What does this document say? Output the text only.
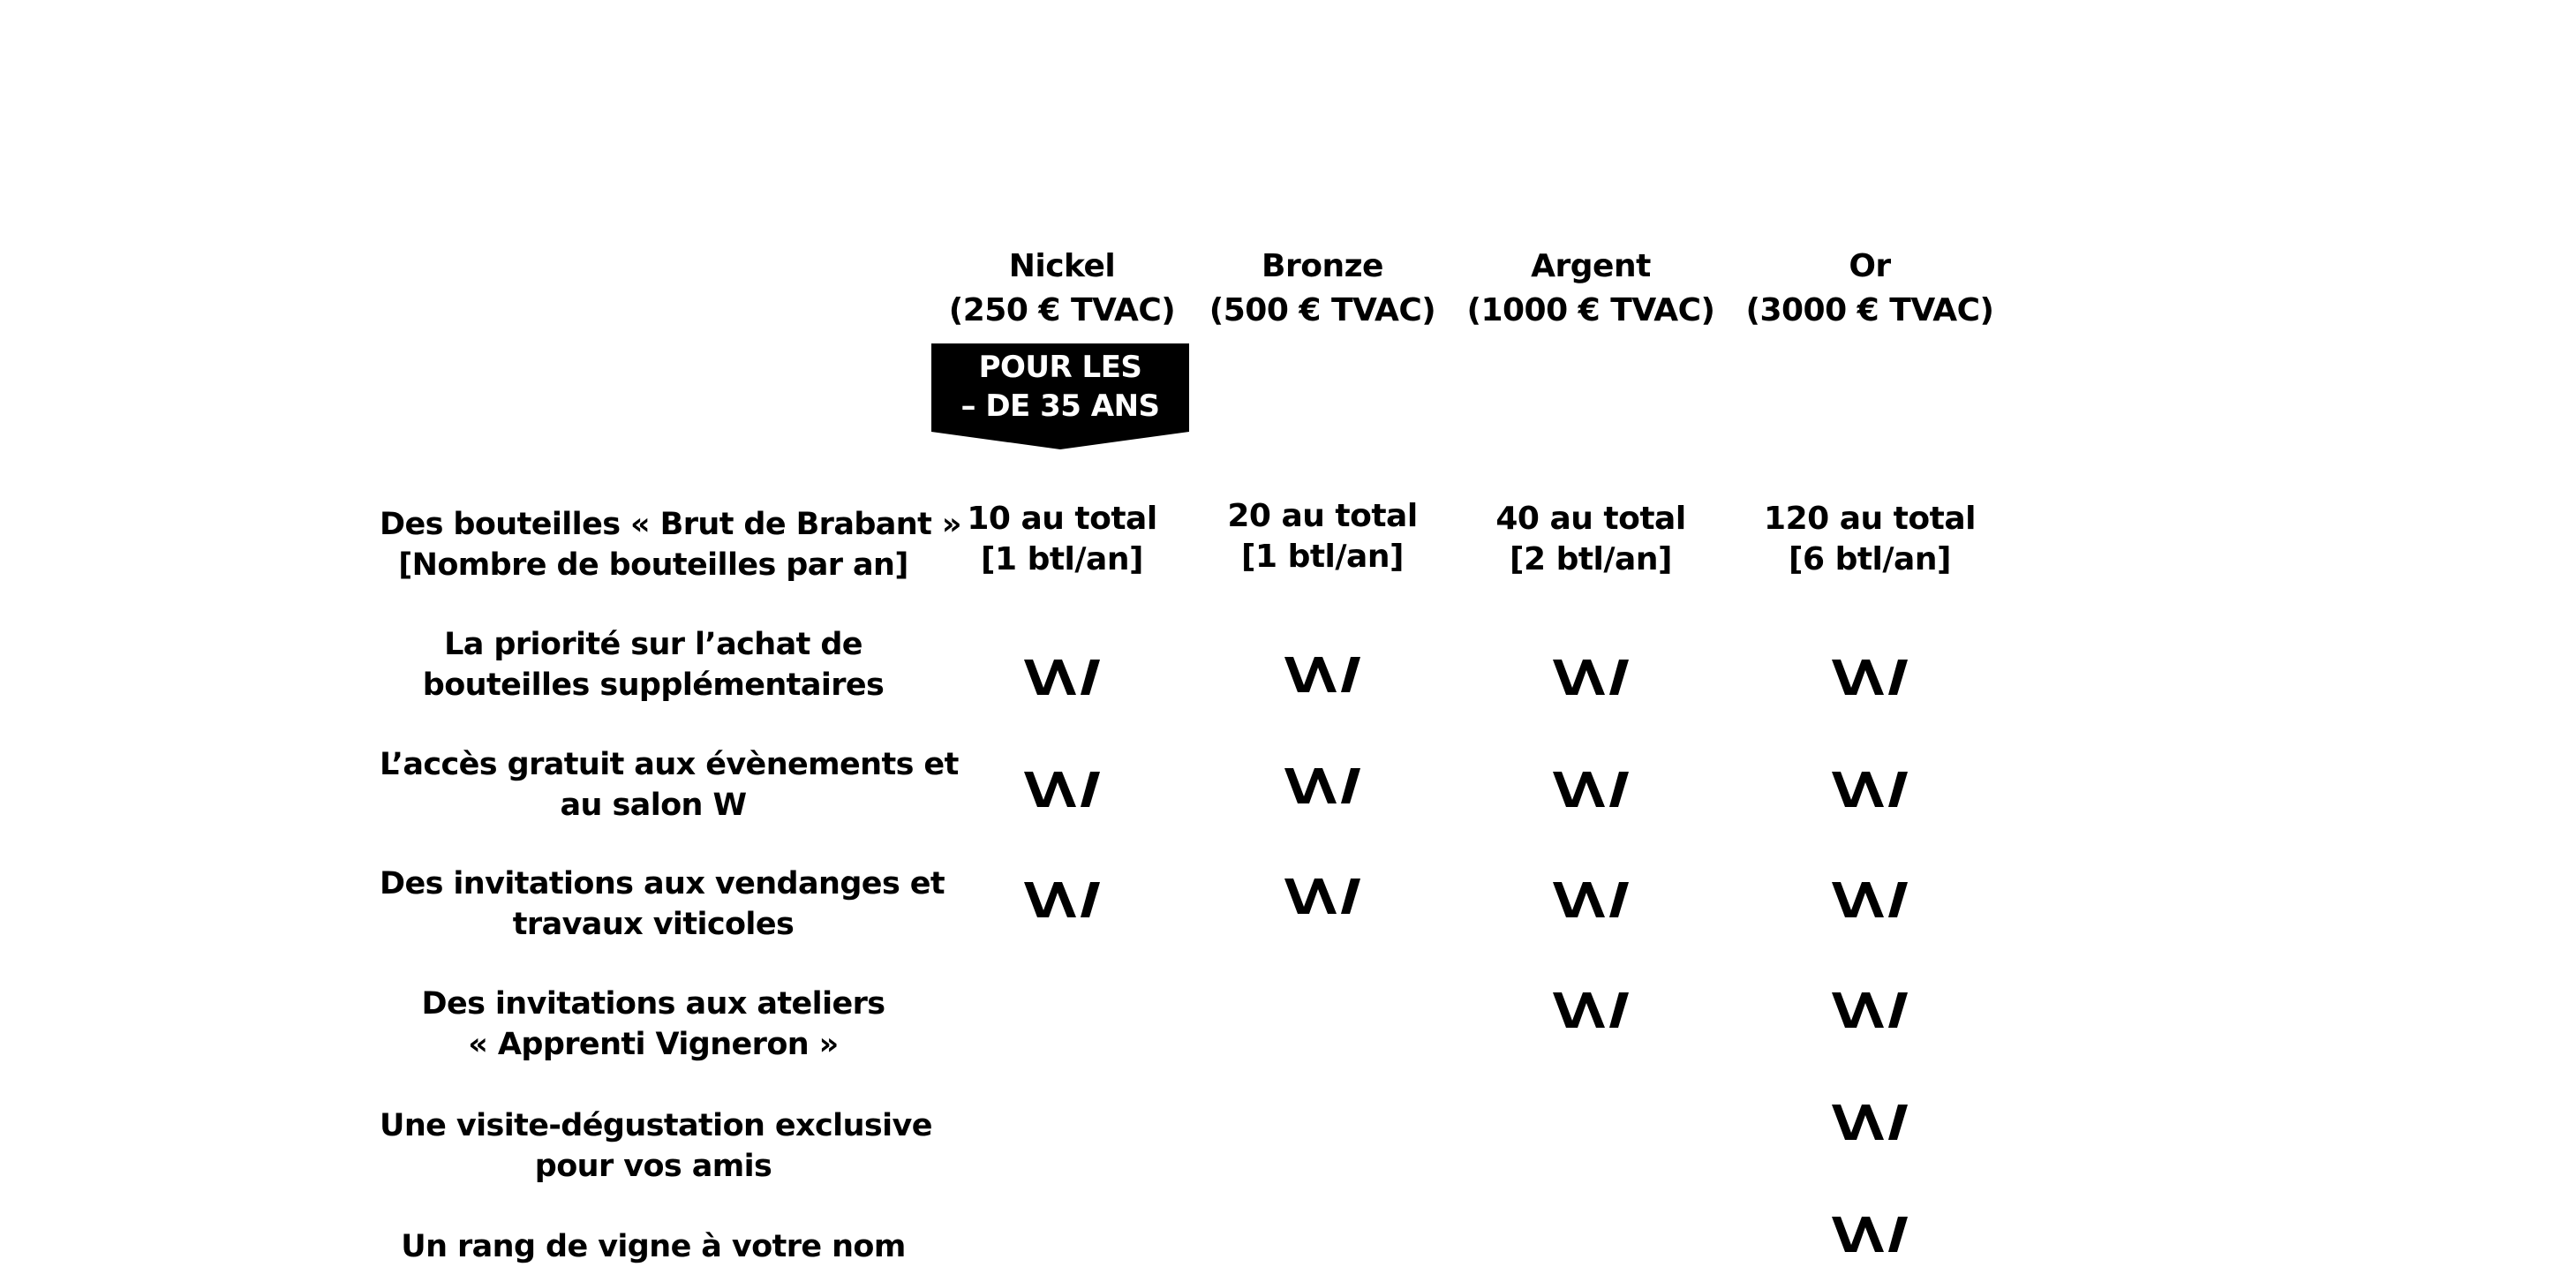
Nickel
(250 € TVAC)
Bronze
(500 € TVAC)
Argent
(1000 € TVAC)
Or
(3000 € TVAC)
POUR LES
– DE 35 ANS
Des bouteilles « Brut de Brabant »
[Nombre de bouteilles par an]
La priorité sur l’achat de
bouteilles supplémentaires
L’accès gratuit aux évènements et
au salon W
Des invitations aux vendanges et
travaux viticoles
Des invitations aux ateliers
« Apprenti Vigneron »
Une visite-dégustation exclusive
pour vos amis
Un rang de vigne à votre nom
10 au total
[1 btl/an]
20 au total
[1 btl/an]
40 au total
[2 btl/an]
120 au total
[6 btl/an]
